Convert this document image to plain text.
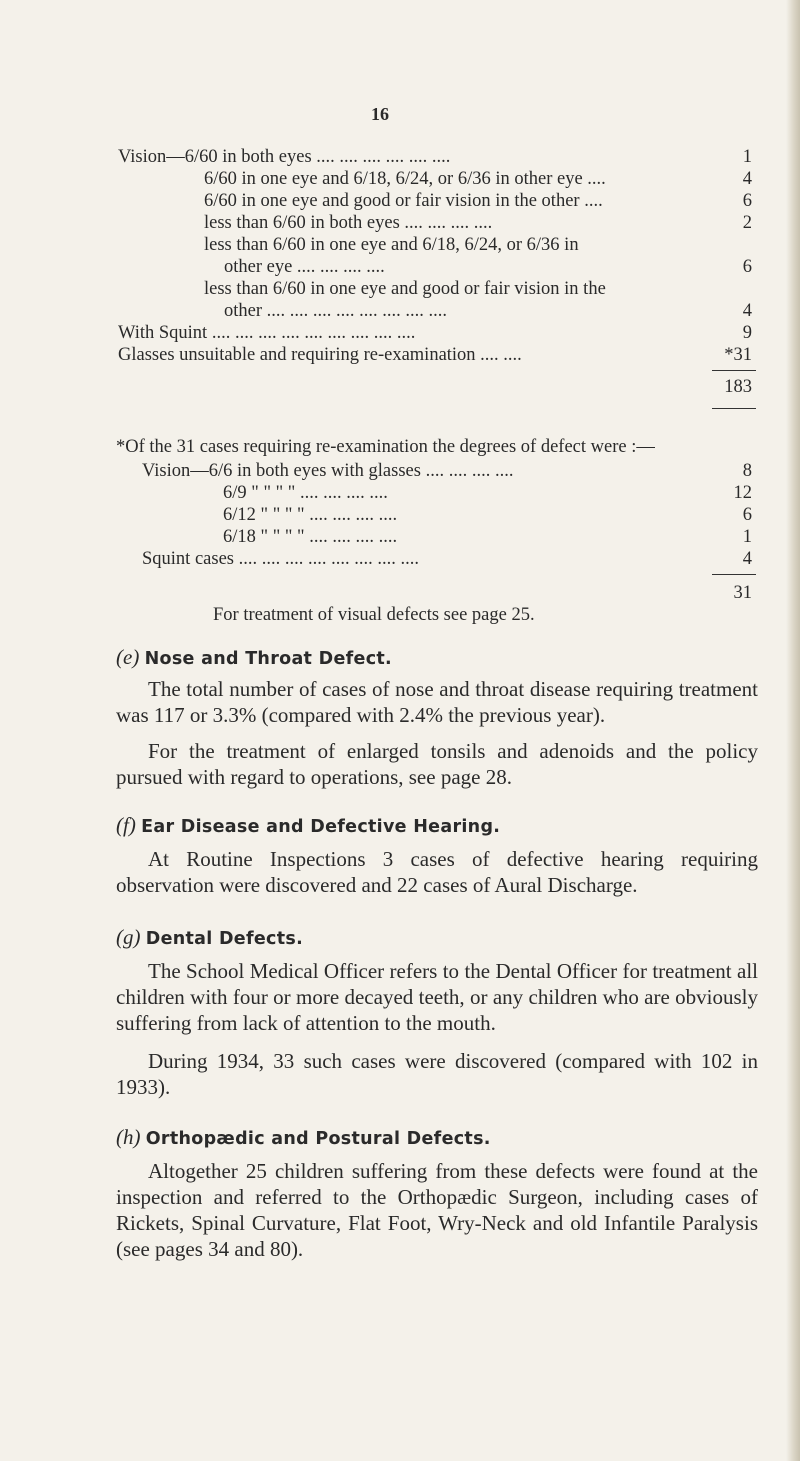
16
Vision—6/60 in both eyes .... .... .... .... .... ....
6/60 in one eye and 6/18, 6/24, or 6/36 in other eye ....
6/60 in one eye and good or fair vision in the other ....
less than 6/60 in both eyes .... .... .... ....
less than 6/60 in one eye and 6/18, 6/24, or 6/36 in
other eye .... .... .... ....
less than 6/60 in one eye and good or fair vision in the
other .... .... .... .... .... .... .... ....
With Squint .... .... .... .... .... .... .... .... ....
Glasses unsuitable and requiring re-examination .... ....
1
4
6
2
6
4
9
*31
183
*Of the 31 cases requiring re-examination the degrees of defect were :—
Vision—6/6 in both eyes with glasses .... .... .... ....
6/9 " " " " .... .... .... ....
6/12 " " " " .... .... .... ....
6/18 " " " " .... .... .... ....
Squint cases .... .... .... .... .... .... .... ....
8
12
6
1
4
31
For treatment of visual defects see page 25.
(e) Nose and Throat Defect.
The total number of cases of nose and throat disease requiring treatment was 117 or 3.3% (compared with 2.4% the previous year).
For the treatment of enlarged tonsils and adenoids and the policy pursued with regard to operations, see page 28.
(f) Ear Disease and Defective Hearing.
At Routine Inspections 3 cases of defective hearing requiring observation were discovered and 22 cases of Aural Discharge.
(g) Dental Defects.
The School Medical Officer refers to the Dental Officer for treatment all children with four or more decayed teeth, or any children who are obviously suffering from lack of attention to the mouth.
During 1934, 33 such cases were discovered (compared with 102 in 1933).
(h) Orthopædic and Postural Defects.
Altogether 25 children suffering from these defects were found at the inspection and referred to the Orthopædic Surgeon, including cases of Rickets, Spinal Curvature, Flat Foot, Wry-Neck and old Infantile Paralysis (see pages 34 and 80).
